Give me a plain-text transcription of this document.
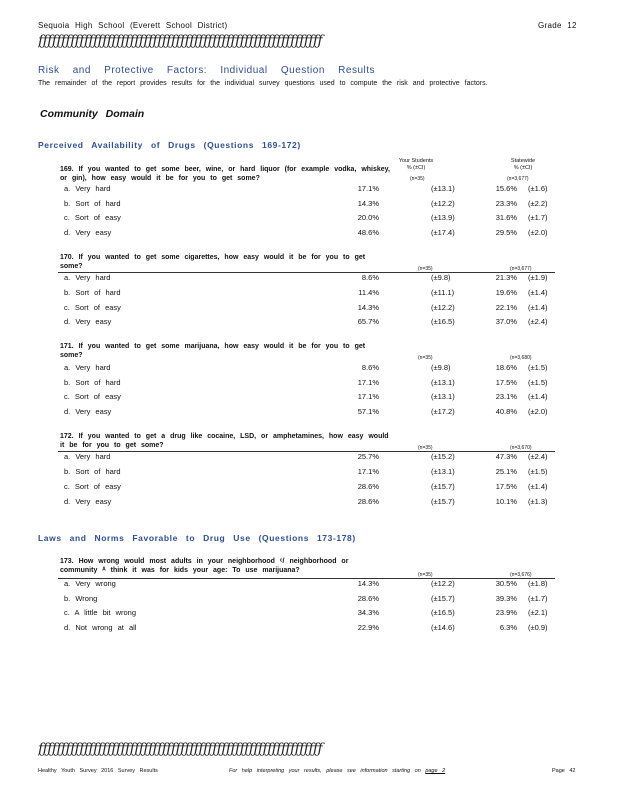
Sequoia High School (Everett School District)	Grade 12
ƒƒƒƒƒƒƒƒƒƒƒƒƒƒƒƒƒƒƒƒƒƒƒƒƒƒƒƒƒƒƒƒƒƒƒƒƒƒƒƒƒƒƒƒƒƒƒƒƒƒƒƒƒƒƒƒƒƒƒƒƒƒ
Risk and Protective Factors: Individual Question Results
The remainder of the report provides results for the individual survey questions used to compute the risk and protective factors.
Community Domain
Perceived Availability of Drugs (Questions 169-172)
Your Students
% (±CI)
Statewide
% (±CI)
169. If you wanted to get some beer, wine, or hard liquor (for example vodka, whiskey, or gin), how easy would it be for you to get some?	(n=35)	(n=3,677)
a. Very hard	17.1%	(±13.1)	15.6% (±1.6)
b. Sort of hard	14.3%	(±12.2)	23.3% (±2.2)
c. Sort of easy	20.0%	(±13.9)	31.6% (±1.7)
d. Very easy	48.6%	(±17.4)	29.5% (±2.0)
170. If you wanted to get some cigarettes, how easy would it be for you to get some?	(n=35)	(n=3,677)
a. Very hard	8.6%	(±9.8)	21.3% (±1.9)
b. Sort of hard	11.4%	(±11.1)	19.6% (±1.4)
c. Sort of easy	14.3%	(±12.2)	22.1% (±1.4)
d. Very easy	65.7%	(±16.5)	37.0% (±2.4)
171. If you wanted to get some marijuana, how easy would it be for you to get some?	(n=35)	(n=3,680)
a. Very hard	8.6%	(±9.8)	18.6% (±1.5)
b. Sort of hard	17.1%	(±13.1)	17.5% (±1.5)
c. Sort of easy	17.1%	(±13.1)	23.1% (±1.4)
d. Very easy	57.1%	(±17.2)	40.8% (±2.0)
172. If you wanted to get a drug like cocaine, LSD, or amphetamines, how easy would it be for you to get some?	(n=35)	(n=3,670)
a. Very hard	25.7%	(±15.2)	47.3% (±2.4)
b. Sort of hard	17.1%	(±13.1)	25.1% (±1.5)
c. Sort of easy	28.6%	(±15.7)	17.5% (±1.4)
d. Very easy	28.6%	(±15.7)	10.1% (±1.3)
Laws and Norms Favorable to Drug Use (Questions 173-178)
173. How wrong would most adults in your neighborhood ᶜ/ neighborhood or community ᴬ think it was for kids your age: To use marijuana?
(n=35)	(n=3,676)
a. Very wrong	14.3%	(±12.2)	30.5% (±1.8)
b. Wrong	28.6%	(±15.7)	39.3% (±1.7)
c. A little bit wrong	34.3%	(±16.5)	23.9% (±2.1)
d. Not wrong at all	22.9%	(±14.6)	6.3% (±0.9)
ƒƒƒƒƒƒƒƒƒƒƒƒƒƒƒƒƒƒƒƒƒƒƒƒƒƒƒƒƒƒƒƒƒƒƒƒƒƒƒƒƒƒƒƒƒƒƒƒƒƒƒƒƒƒƒƒƒƒƒƒƒƒ
Healthy Youth Survey 2016 Survey Results	For help interpreting your results, please see information starting on page 2	Page 42
